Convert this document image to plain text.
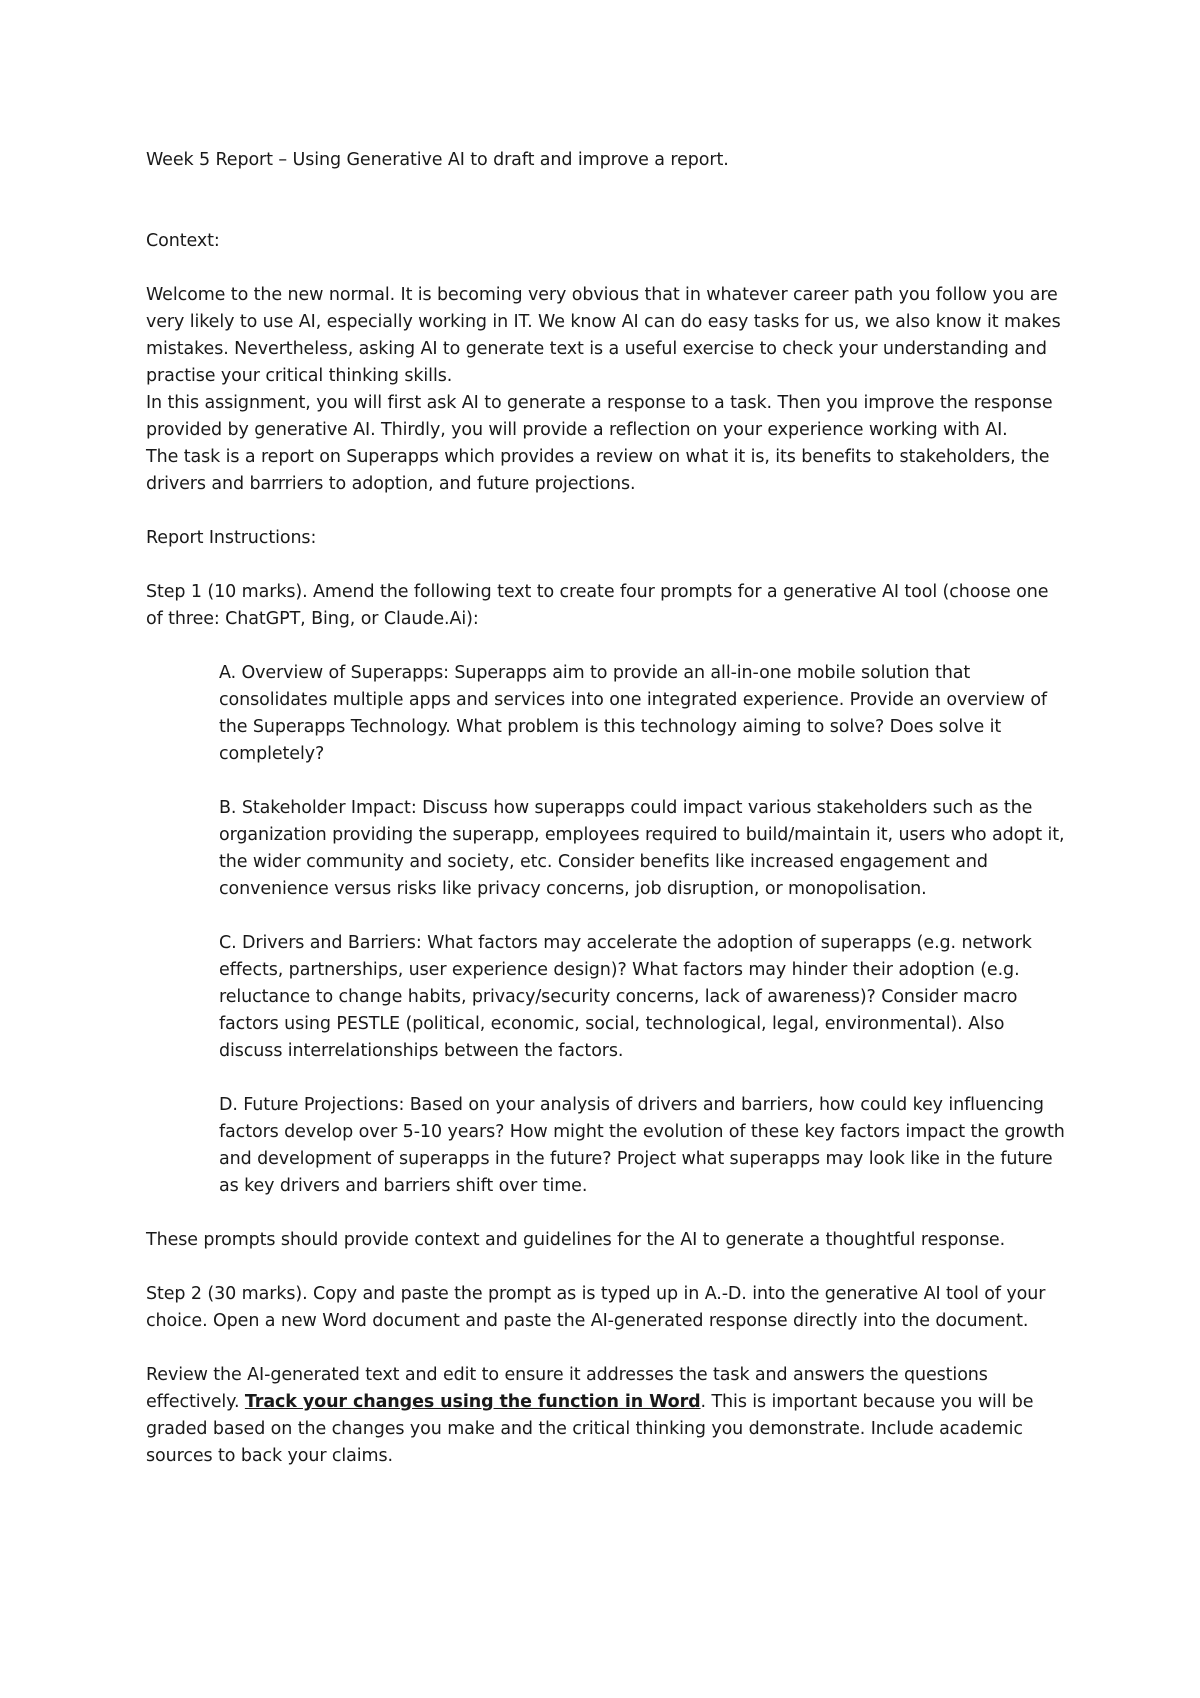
Week 5 Report – Using Generative AI to draft and improve a report.

Context:

Welcome to the new normal. It is becoming very obvious that in whatever career path you follow you are very likely to use AI, especially working in IT. We know AI can do easy tasks for us, we also know it makes mistakes. Nevertheless, asking AI to generate text is a useful exercise to check your understanding and practise your critical thinking skills.

In this assignment, you will first ask AI to generate a response to a task. Then you improve the response provided by generative AI. Thirdly, you will provide a reflection on your experience working with AI.

The task is a report on Superapps which provides a review on what it is, its benefits to stakeholders, the drivers and barrriers to adoption, and future projections.

Report Instructions:

Step 1 (10 marks). Amend the following text to create four prompts for a generative AI tool (choose one of three: ChatGPT, Bing, or Claude.Ai):

A. Overview of Superapps: Superapps aim to provide an all-in-one mobile solution that consolidates multiple apps and services into one integrated experience. Provide an overview of the Superapps Technology. What problem is this technology aiming to solve? Does solve it completely?

B. Stakeholder Impact: Discuss how superapps could impact various stakeholders such as the organization providing the superapp, employees required to build/maintain it, users who adopt it, the wider community and society, etc. Consider benefits like increased engagement and convenience versus risks like privacy concerns, job disruption, or monopolisation.

C. Drivers and Barriers: What factors may accelerate the adoption of superapps (e.g. network effects, partnerships, user experience design)? What factors may hinder their adoption (e.g. reluctance to change habits, privacy/security concerns, lack of awareness)? Consider macro factors using PESTLE (political, economic, social, technological, legal, environmental). Also discuss interrelationships between the factors.

D. Future Projections: Based on your analysis of drivers and barriers, how could key influencing factors develop over 5-10 years? How might the evolution of these key factors impact the growth and development of superapps in the future? Project what superapps may look like in the future as key drivers and barriers shift over time.

These prompts should provide context and guidelines for the AI to generate a thoughtful response.

Step 2 (30 marks). Copy and paste the prompt as is typed up in A.-D. into the generative AI tool of your choice. Open a new Word document and paste the AI-generated response directly into the document.

Review the AI-generated text and edit to ensure it addresses the task and answers the questions effectively. Track your changes using the function in Word. This is important because you will be graded based on the changes you make and the critical thinking you demonstrate. Include academic sources to back your claims.
